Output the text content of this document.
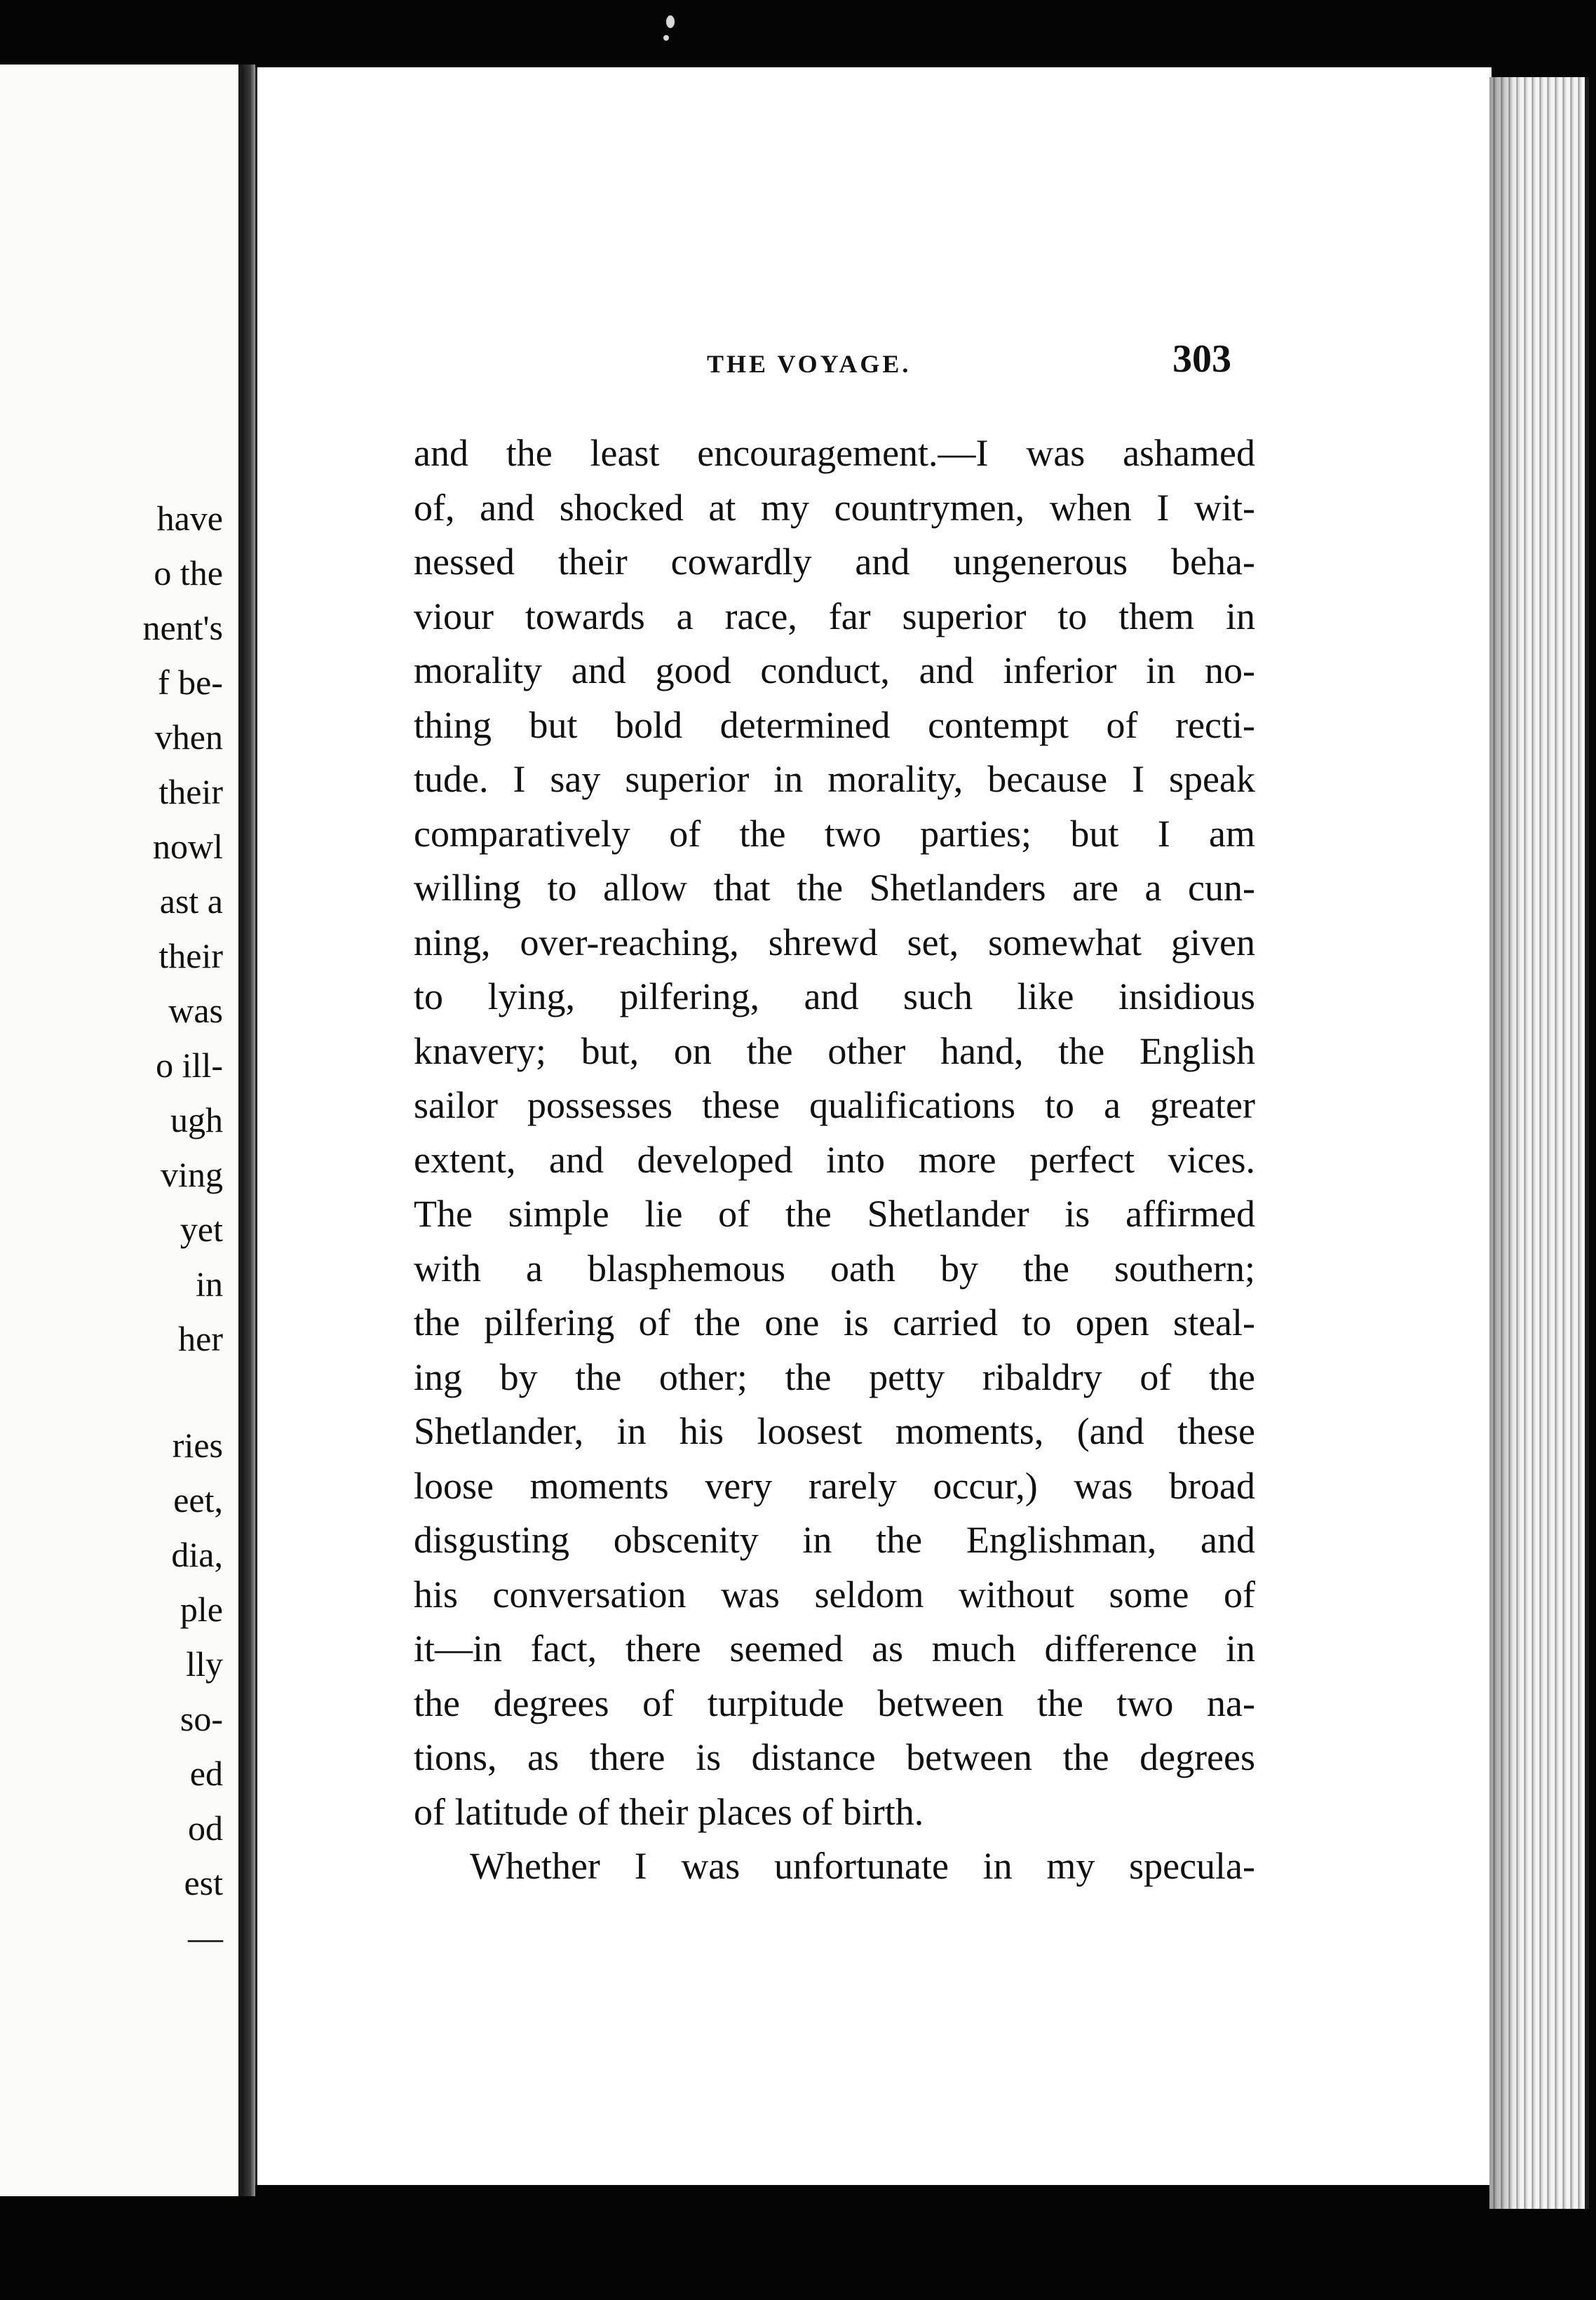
have
o the
nent's
f be-
vhen
their
nowl
ast a
their
was
o ill-
ugh
ving
yet
in
her
ries
eet,
dia,
ple
lly
so-
ed
od
est
—
THE VOYAGE.	303
and the least encouragement.—I was ashamed
of, and shocked at my countrymen, when I wit-
nessed their cowardly and ungenerous beha-
viour towards a race, far superior to them in
morality and good conduct, and inferior in no-
thing but bold determined contempt of recti-
tude. I say superior in morality, because I speak
comparatively of the two parties; but I am
willing to allow that the Shetlanders are a cun-
ning, over-reaching, shrewd set, somewhat given
to lying, pilfering, and such like insidious
knavery; but, on the other hand, the English
sailor possesses these qualifications to a greater
extent, and developed into more perfect vices.
The simple lie of the Shetlander is affirmed
with a blasphemous oath by the southern;
the pilfering of the one is carried to open steal-
ing by the other; the petty ribaldry of the
Shetlander, in his loosest moments, (and these
loose moments very rarely occur,) was broad
disgusting obscenity in the Englishman, and
his conversation was seldom without some of
it—in fact, there seemed as much difference in
the degrees of turpitude between the two na-
tions, as there is distance between the degrees
of latitude of their places of birth.
Whether I was unfortunate in my specula-
